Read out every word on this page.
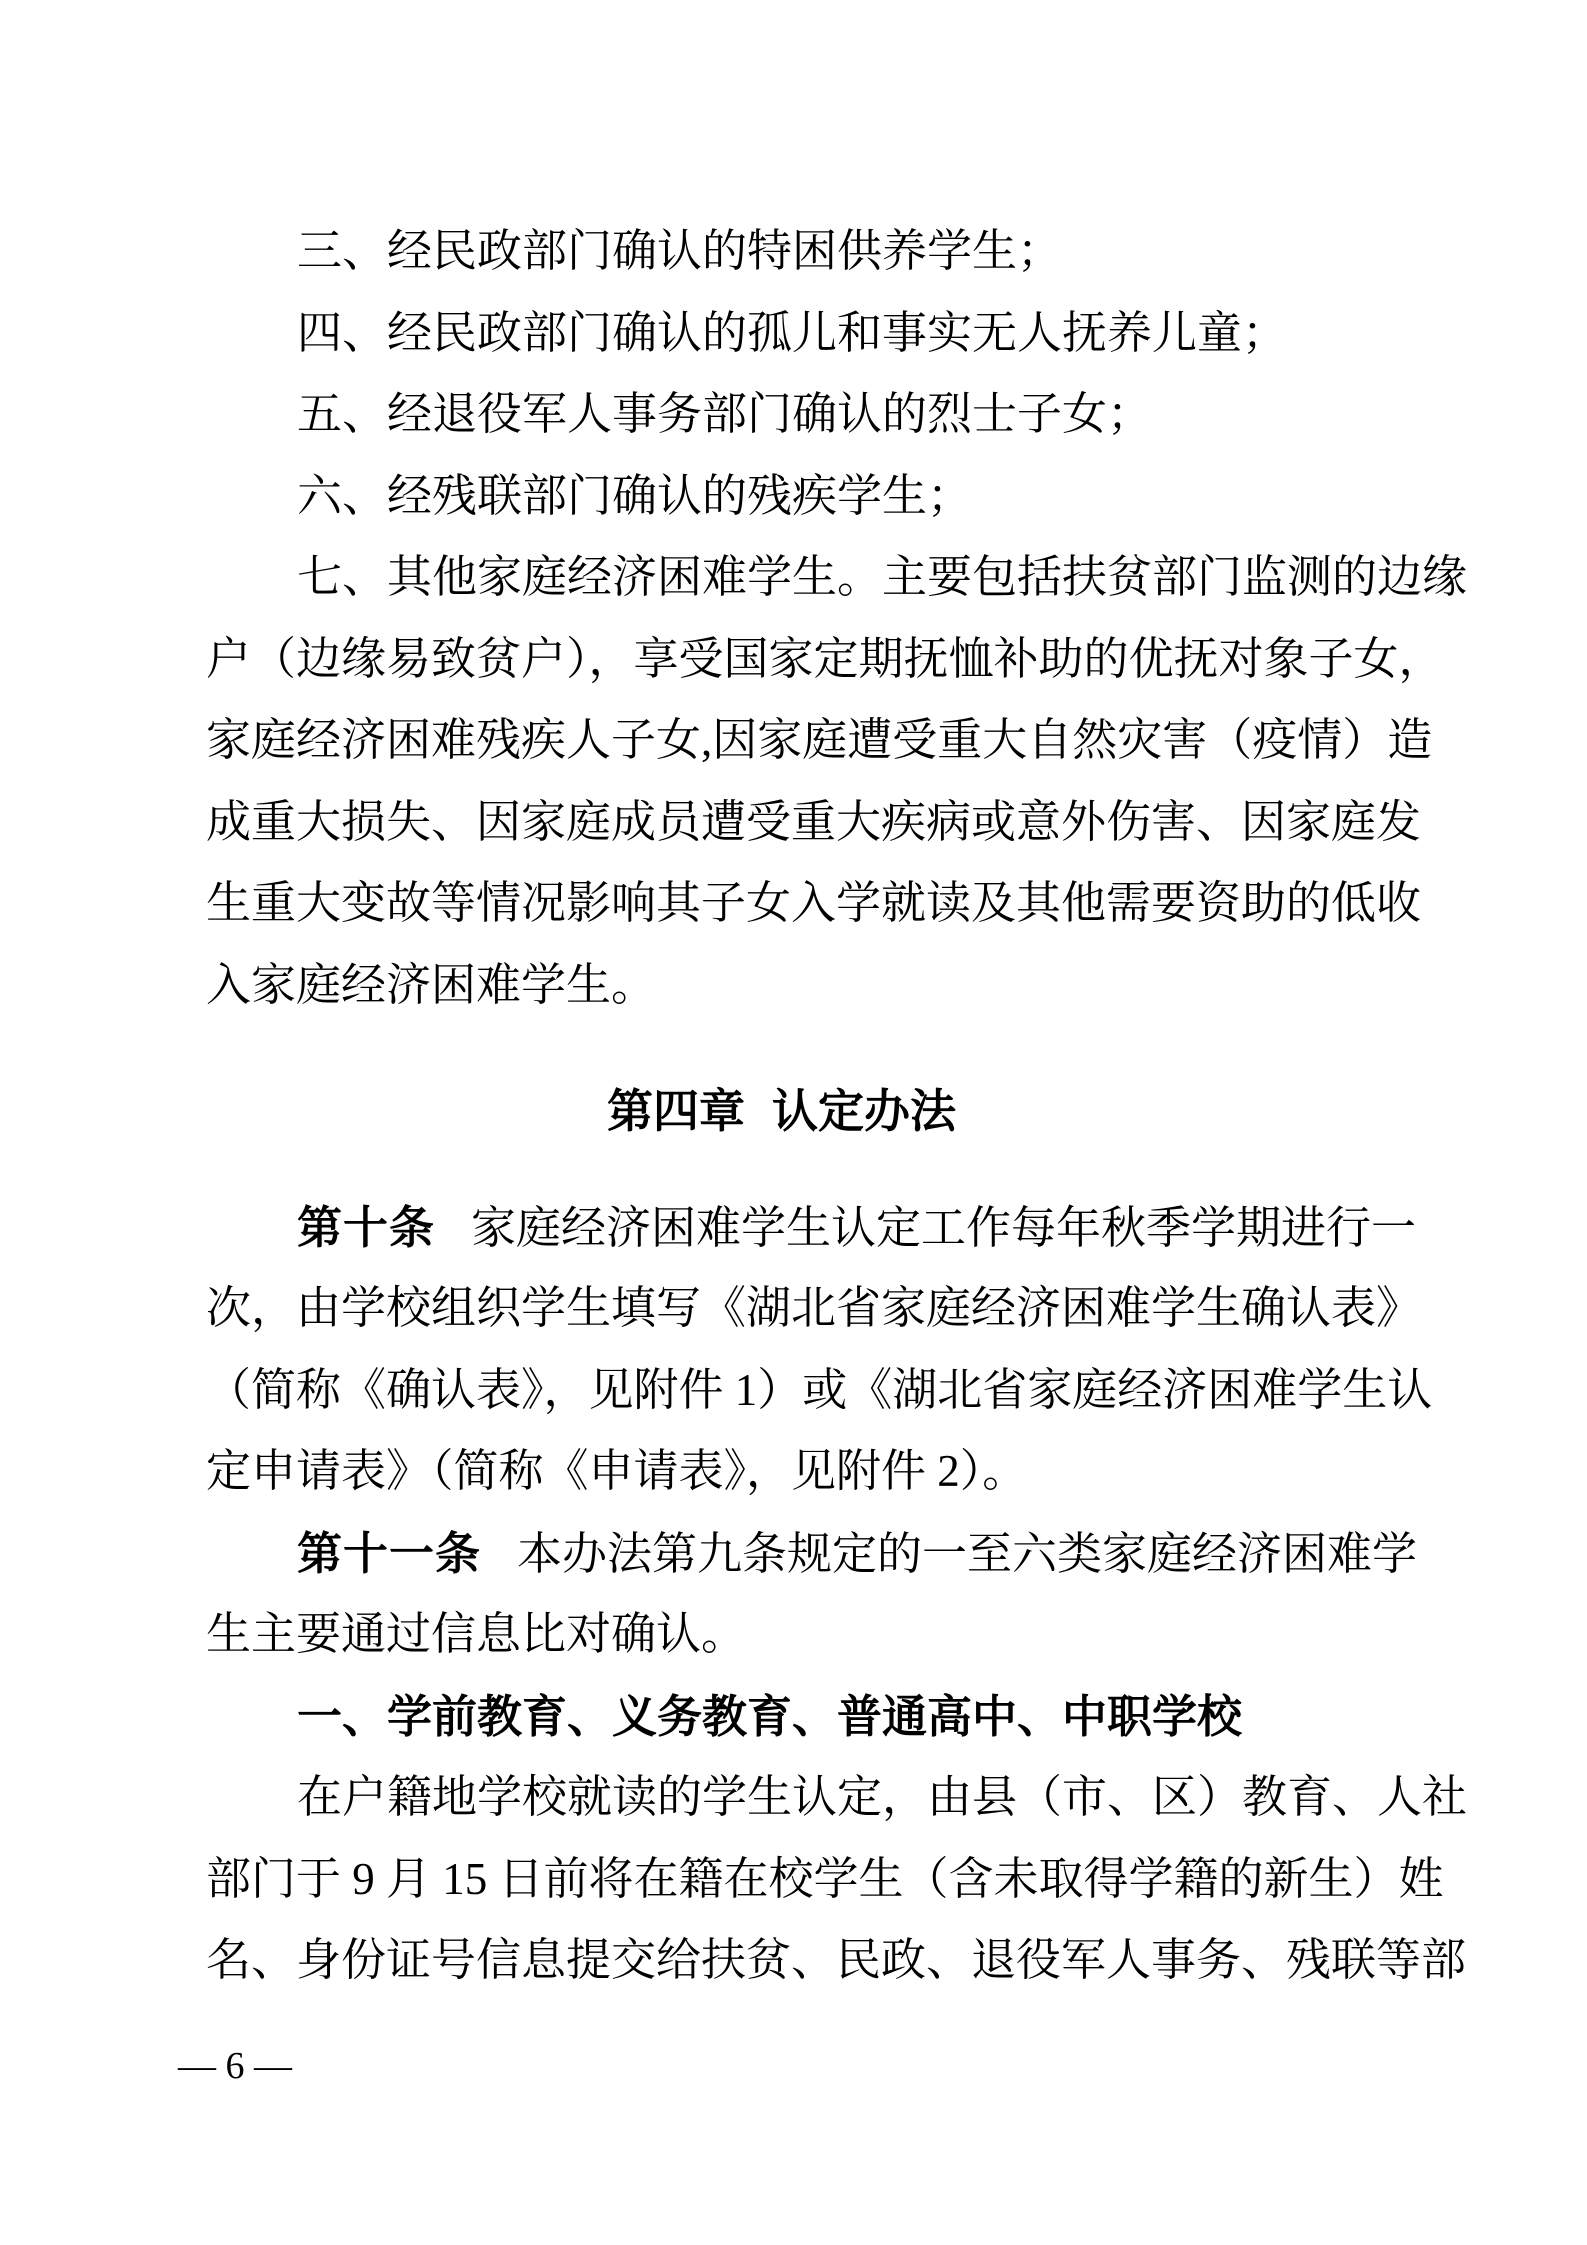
三、经民政部门确认的特困供养学生；
四、经民政部门确认的孤儿和事实无人抚养儿童；
五、经退役军人事务部门确认的烈士子女；
六、经残联部门确认的残疾学生；
七、其他家庭经济困难学生。主要包括扶贫部门监测的边缘
户（边缘易致贫户），享受国家定期抚恤补助的优抚对象子女，
家庭经济困难残疾人子女,因家庭遭受重大自然灾害（疫情）造
成重大损失、因家庭成员遭受重大疾病或意外伤害、因家庭发
生重大变故等情况影响其子女入学就读及其他需要资助的低收
入家庭经济困难学生。
第四章 认定办法
第十条 家庭经济困难学生认定工作每年秋季学期进行一
次，由学校组织学生填写《湖北省家庭经济困难学生确认表》
（简称《确认表》，见附件 1）或《湖北省家庭经济困难学生认
定申请表》（简称《申请表》，见附件 2）。
第十一条 本办法第九条规定的一至六类家庭经济困难学
生主要通过信息比对确认。
一、学前教育、义务教育、普通高中、中职学校
在户籍地学校就读的学生认定，由县（市、区）教育、人社
部门于 9 月 15 日前将在籍在校学生（含未取得学籍的新生）姓
名、身份证号信息提交给扶贫、民政、退役军人事务、残联等部
— 6 —
